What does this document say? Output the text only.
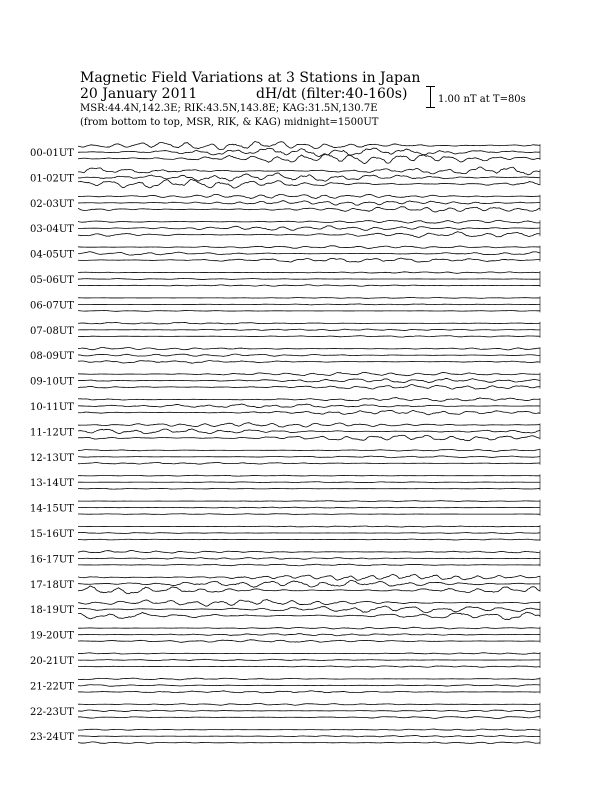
Magnetic Field Variations at 3 Stations in Japan
20 January 2011	dH/dt (filter:40-160s)
MSR:44.4N,142.3E; RIK:43.5N,143.8E; KAG:31.5N,130.7E
(from bottom to top, MSR, RIK, & KAG) midnight=1500UT
1.00 nT at T=80s
00-01UT
01-02UT
02-03UT
03-04UT
04-05UT
05-06UT
06-07UT
07-08UT
08-09UT
09-10UT
10-11UT
11-12UT
12-13UT
13-14UT
14-15UT
15-16UT
16-17UT
17-18UT
18-19UT
19-20UT
20-21UT
21-22UT
22-23UT
23-24UT
